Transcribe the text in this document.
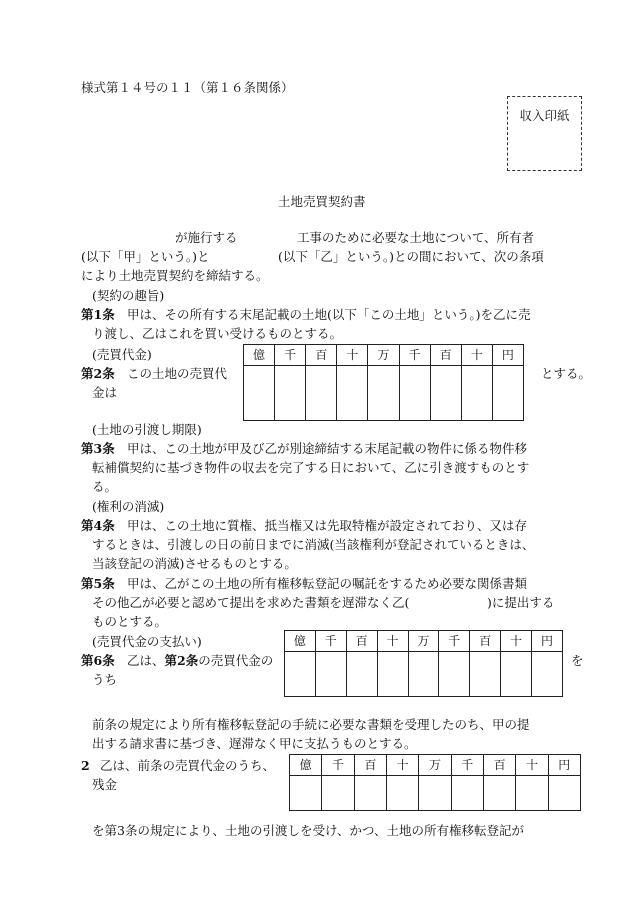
様式第１４号の１１（第１６条関係）
収入印紙
土地売買契約書
が施行する	工事のために必要な土地について、所有者
(以下「甲」という。)と	(以下「乙」という。)との間において、次の条項
により土地売買契約を締結する。
(契約の趣旨)
第1条 甲は、その所有する末尾記載の土地(以下「この土地」という。)を乙に売
り渡し、乙はこれを買い受けるものとする。
(売買代金)
第2条 この土地の売買代
金は
億	千	百	十	万	千	百	十	円

とする。
(土地の引渡し期限)
第3条 甲は、この土地が甲及び乙が別途締結する末尾記載の物件に係る物件移
転補償契約に基づき物件の収去を完了する日において、乙に引き渡すものとす
る。
(権利の消滅)
第4条 甲は、この土地に質権、抵当権又は先取特権が設定されており、又は存
するときは、引渡しの日の前日までに消滅(当該権利が登記されているときは、
当該登記の消滅)させるものとする。
第5条 甲は、乙がこの土地の所有権移転登記の嘱託をするため必要な関係書類
その他乙が必要と認めて提出を求めた書類を遅滞なく乙(	)に提出する
ものとする。
(売買代金の支払い)
第6条 乙は、第2条の売買代金の
うち
億	千	百	十	万	千	百	十	円

を
前条の規定により所有権移転登記の手続に必要な書類を受理したのち、甲の提
出する請求書に基づき、遅滞なく甲に支払うものとする。
2 乙は、前条の売買代金のうち、
残金
億	千	百	十	万	千	百	十	円

を第3条の規定により、土地の引渡しを受け、かつ、土地の所有権移転登記が
